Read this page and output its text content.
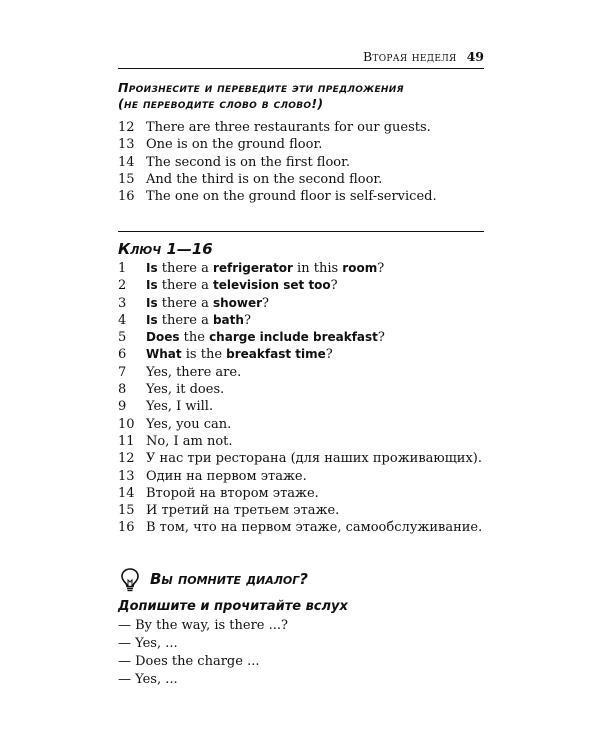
Вторая неделя 49
Произнесите и переведите эти предложения
(не переводите слово в слово!)
12 There are three restaurants for our guests.
13 One is on the ground floor.
14 The second is on the first floor.
15 And the third is on the second floor.
16 The one on the ground floor is self-serviced.
Ключ 1—16
1 Is there a refrigerator in this room?
2 Is there a television set too?
3 Is there a shower?
4 Is there a bath?
5 Does the charge include breakfast?
6 What is the breakfast time?
7 Yes, there are.
8 Yes, it does.
9 Yes, I will.
10 Yes, you can.
11 No, I am not.
12 У нас три ресторана (для наших проживающих).
13 Один на первом этаже.
14 Второй на втором этаже.
15 И третий на третьем этаже.
16 В том, что на первом этаже, самообслуживание.
Вы помните диалог?
Допишите и прочитайте вслух
— By the way, is there ...?
— Yes, ...
— Does the charge ...
— Yes, ...
